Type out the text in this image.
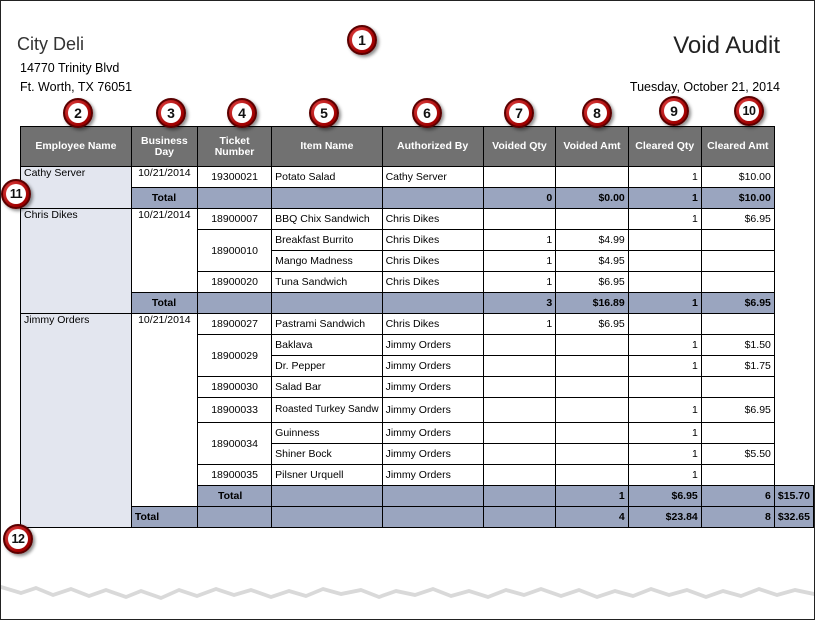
City Deli
14770 Trinity Blvd
Ft. Worth, TX 76051
Void Audit
Tuesday, October 21, 2014
Employee Name	Business Day	Ticket Number	Item Name	Authorized By	Voided Qty	Voided Amt	Cleared Qty	Cleared Amt	
Cathy Server	10/21/2014	19300021	Potato Salad	Cathy Server			1	$10.00	
	Total				0	$0.00	1	$10.00	
Chris Dikes	10/21/2014	18900007	BBQ Chix Sandwich	Chris Dikes			1	$6.95	
		18900010	Breakfast Burrito	Chris Dikes	1	$4.99			
			Mango Madness	Chris Dikes	1	$4.95			
		18900020	Tuna Sandwich	Chris Dikes	1	$6.95			
	Total				3	$16.89	1	$6.95	
Jimmy Orders	10/21/2014	18900027	Pastrami Sandwich	Chris Dikes	1	$6.95			
		18900029	Baklava	Jimmy Orders			1	$1.50	
			Dr. Pepper	Jimmy Orders			1	$1.75	
		18900030	Salad Bar	Jimmy Orders					
		18900033	Roasted Turkey Sandw	Jimmy Orders			1	$6.95	
		18900034	Guinness	Jimmy Orders			1		
			Shiner Bock	Jimmy Orders			1	$5.50	
		18900035	Pilsner Urquell	Jimmy Orders			1		
		Total				1	$6.95	6	$15.70
	Total					4	$23.84	8	$32.65
1
2	3	4	5	6	7	8	9	10
11
12
